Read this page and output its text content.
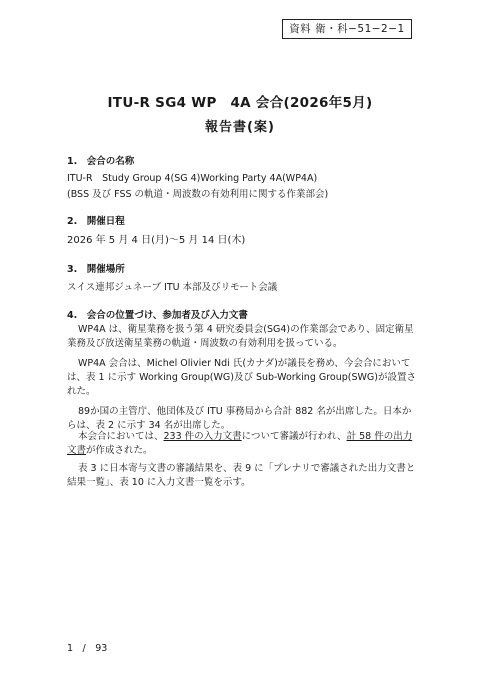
資料 衛・科−51−2−1
ITU-R SG4 WP　4A 会合(2026年5月)
報告書(案)
1.　会合の名称
ITU-R　Study Group 4(SG 4)Working Party 4A(WP4A)
(BSS 及び FSS の軌道・周波数の有効利用に関する作業部会)
2.　開催日程
2026 年 5 月 4 日(月)〜5 月 14 日(木)
3.　開催場所
スイス連邦ジュネーブ ITU 本部及びリモート会議
4.　会合の位置づけ、参加者及び入力文書
WP4A は、衛星業務を扱う第 4 研究委員会(SG4)の作業部会であり、固定衛星業務及び放送衛星業務の軌道・周波数の有効利用を扱っている。
WP4A 会合は、Michel Olivier Ndi 氏(カナダ)が議長を務め、今会合においては、表 1 に示す Working Group(WG)及び Sub-Working Group(SWG)が設置された。
89か国の主管庁、他団体及び ITU 事務局から合計 882 名が出席した。日本からは、表 2 に示す 34 名が出席した。
本会合においては、233 件の入力文書について審議が行われ、計 58 件の出力文書が作成された。
表 3 に日本寄与文書の審議結果を、表 9 に「プレナリで審議された出力文書と結果一覧」、表 10 に入力文書一覧を示す。
1　/　93
